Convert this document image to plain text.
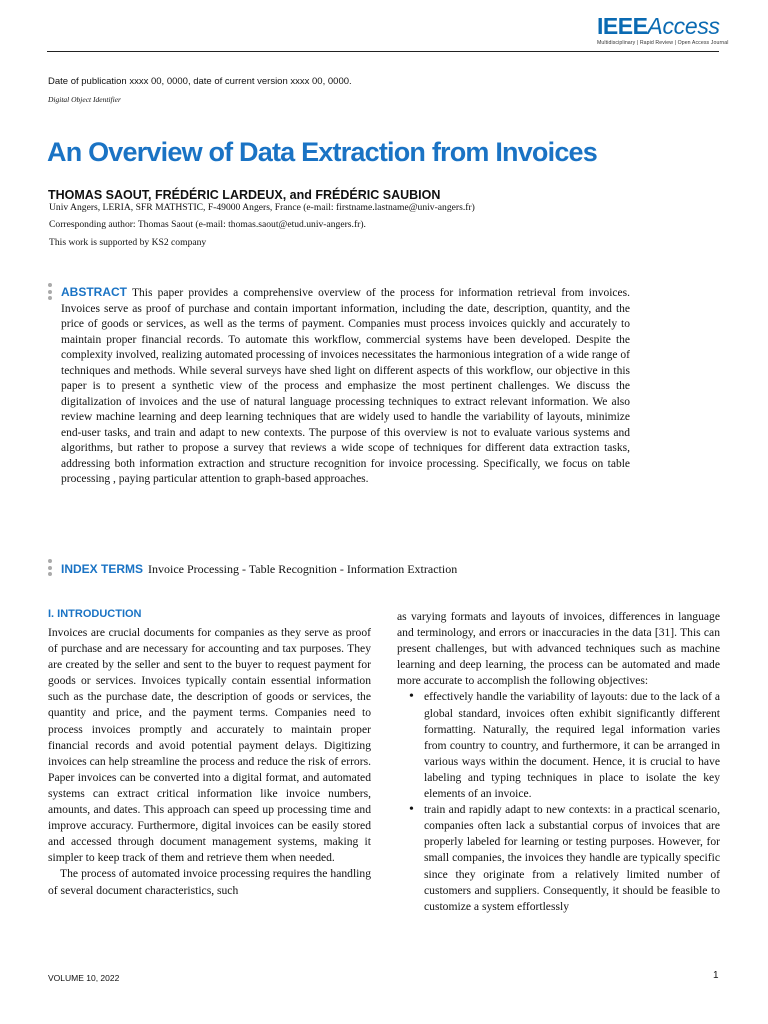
IEEEAccess
Multidisciplinary | Rapid Review | Open Access Journal
Date of publication xxxx 00, 0000, date of current version xxxx 00, 0000.
Digital Object Identifier
An Overview of Data Extraction from Invoices
THOMAS SAOUT, FRÉDÉRIC LARDEUX, and FRÉDÉRIC SAUBION
Univ Angers, LERIA, SFR MATHSTIC, F-49000 Angers, France (e-mail: firstname.lastname@univ-angers.fr)
Corresponding author: Thomas Saout (e-mail: thomas.saout@etud.univ-angers.fr).
This work is supported by KS2 company
ABSTRACT This paper provides a comprehensive overview of the process for information retrieval from invoices. Invoices serve as proof of purchase and contain important information, including the date, description, quantity, and the price of goods or services, as well as the terms of payment. Companies must process invoices quickly and accurately to maintain proper financial records. To automate this workflow, commercial systems have been developed. Despite the complexity involved, realizing automated processing of invoices necessitates the harmonious integration of a wide range of techniques and methods. While several surveys have shed light on different aspects of this workflow, our objective in this paper is to present a synthetic view of the process and emphasize the most pertinent challenges. We discuss the digitalization of invoices and the use of natural language processing techniques to extract relevant information. We also review machine learning and deep learning techniques that are widely used to handle the variability of layouts, minimize end-user tasks, and train and adapt to new contexts. The purpose of this overview is not to evaluate various systems and algorithms, but rather to propose a survey that reviews a wide scope of techniques for different data extraction tasks, addressing both information extraction and structure recognition for invoice processing. Specifically, we focus on table processing , paying particular attention to graph-based approaches.
INDEX TERMS Invoice Processing - Table Recognition - Information Extraction
I. INTRODUCTION

Invoices are crucial documents for companies as they serve as proof of purchase and are necessary for accounting and tax purposes. They are created by the seller and sent to the buyer to request payment for goods or services. Invoices typically contain essential information such as the purchase date, the description of goods or services, the quantity and price, and the payment terms. Companies need to process invoices promptly and accurately to maintain proper financial records and avoid potential payment delays. Digitizing invoices can help streamline the process and reduce the risk of errors. Paper invoices can be converted into a digital format, and automated systems can extract critical information like invoice numbers, amounts, and dates. This approach can speed up processing time and improve accuracy. Furthermore, digital invoices can be easily stored and accessed through document management systems, making it simpler to keep track of them and retrieve them when needed.

The process of automated invoice processing requires the handling of several document characteristics, such

as varying formats and layouts of invoices, differences in language and terminology, and errors or inaccuracies in the data [31]. This can present challenges, but with advanced techniques such as machine learning and deep learning, the process can be automated and made more accurate to accomplish the following objectives:

• effectively handle the variability of layouts: due to the lack of a global standard, invoices often exhibit significantly different formatting. Naturally, the required legal information varies from country to country, and furthermore, it can be arranged in various ways within the document. Hence, it is crucial to have labeling and typing techniques in place to isolate the key elements of an invoice.
• train and rapidly adapt to new contexts: in a practical scenario, companies often lack a substantial corpus of invoices that are properly labeled for learning or testing purposes. However, for small companies, the invoices they handle are typically specific since they originate from a relatively limited number of customers and suppliers. Consequently, it should be feasible to customize a system effortlessly
VOLUME 10, 2022	1
